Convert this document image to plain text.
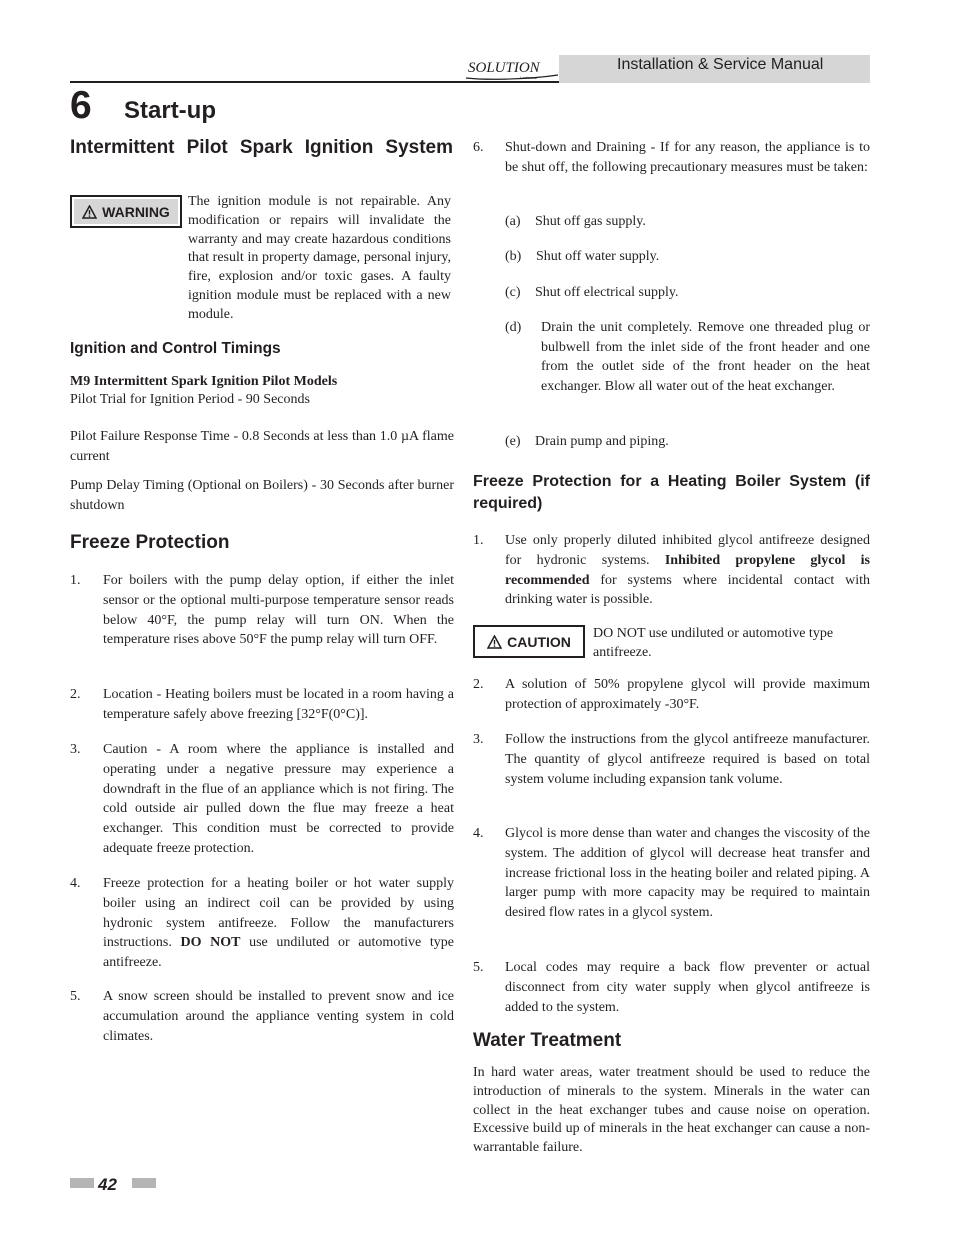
SOLUTION
Lochinvar
Installation & Service Manual
6 Start-up
Intermittent Pilot Spark Ignition System
WARNING
The ignition module is not repairable. Any modification or repairs will invalidate the warranty and may create hazardous conditions that result in property damage, personal injury, fire, explosion and/or toxic gases. A faulty ignition module must be replaced with a new module.
Ignition and Control Timings
M9 Intermittent Spark Ignition Pilot Models
Pilot Trial for Ignition Period - 90 Seconds
Pilot Failure Response Time - 0.8 Seconds at less than 1.0 µA flame current
Pump Delay Timing (Optional on Boilers) - 30 Seconds after burner shutdown
Freeze Protection
1. For boilers with the pump delay option, if either the inlet sensor or the optional multi-purpose temperature sensor reads below 40°F, the pump relay will turn ON. When the temperature rises above 50°F the pump relay will turn OFF.
2. Location - Heating boilers must be located in a room having a temperature safely above freezing [32°F(0°C)].
3. Caution - A room where the appliance is installed and operating under a negative pressure may experience a downdraft in the flue of an appliance which is not firing. The cold outside air pulled down the flue may freeze a heat exchanger. This condition must be corrected to provide adequate freeze protection.
4. Freeze protection for a heating boiler or hot water supply boiler using an indirect coil can be provided by using hydronic system antifreeze. Follow the manufacturers instructions. DO NOT use undiluted or automotive type antifreeze.
5. A snow screen should be installed to prevent snow and ice accumulation around the appliance venting system in cold climates.
6. Shut-down and Draining - If for any reason, the appliance is to be shut off, the following precautionary measures must be taken:
(a) Shut off gas supply.
(b) Shut off water supply.
(c) Shut off electrical supply.
(d) Drain the unit completely. Remove one threaded plug or bulbwell from the inlet side of the front header and one from the outlet side of the front header on the heat exchanger. Blow all water out of the heat exchanger.
(e) Drain pump and piping.
Freeze Protection for a Heating Boiler System (if required)
1. Use only properly diluted inhibited glycol antifreeze designed for hydronic systems. Inhibited propylene glycol is recommended for systems where incidental contact with drinking water is possible.
CAUTION DO NOT use undiluted or automotive type antifreeze.
2. A solution of 50% propylene glycol will provide maximum protection of approximately -30°F.
3. Follow the instructions from the glycol antifreeze manufacturer. The quantity of glycol antifreeze required is based on total system volume including expansion tank volume.
4. Glycol is more dense than water and changes the viscosity of the system. The addition of glycol will decrease heat transfer and increase frictional loss in the heating boiler and related piping. A larger pump with more capacity may be required to maintain desired flow rates in a glycol system.
5. Local codes may require a back flow preventer or actual disconnect from city water supply when glycol antifreeze is added to the system.
Water Treatment
In hard water areas, water treatment should be used to reduce the introduction of minerals to the system. Minerals in the water can collect in the heat exchanger tubes and cause noise on operation. Excessive build up of minerals in the heat exchanger can cause a non-warrantable failure.
42
